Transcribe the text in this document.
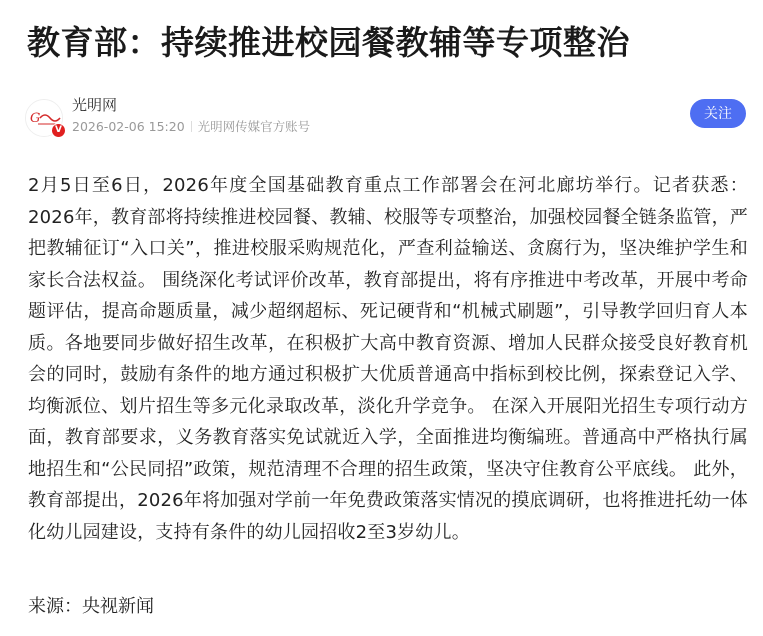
教育部：持续推进校园餐教辅等专项整治
G
V
光明网
2026-02-06 15:20 光明网传媒官方账号
关注
2月5日至6日，2026年度全国基础教育重点工作部署会在河北廊坊举行。记者获悉：2026年，教育部将持续推进校园餐、教辅、校服等专项整治，加强校园餐全链条监管，严把教辅征订“入口关”，推进校服采购规范化，严查利益输送、贪腐行为，坚决维护学生和家长合法权益。 围绕深化考试评价改革，教育部提出，将有序推进中考改革，开展中考命题评估，提高命题质量，减少超纲超标、死记硬背和“机械式刷题”，引导教学回归育人本质。各地要同步做好招生改革，在积极扩大高中教育资源、增加人民群众接受良好教育机会的同时，鼓励有条件的地方通过积极扩大优质普通高中指标到校比例，探索登记入学、均衡派位、划片招生等多元化录取改革，淡化升学竞争。 在深入开展阳光招生专项行动方面，教育部要求，义务教育落实免试就近入学，全面推进均衡编班。普通高中严格执行属地招生和“公民同招”政策，规范清理不合理的招生政策，坚决守住教育公平底线。 此外，教育部提出，2026年将加强对学前一年免费政策落实情况的摸底调研，也将推进托幼一体化幼儿园建设，支持有条件的幼儿园招收2至3岁幼儿。
来源：央视新闻
